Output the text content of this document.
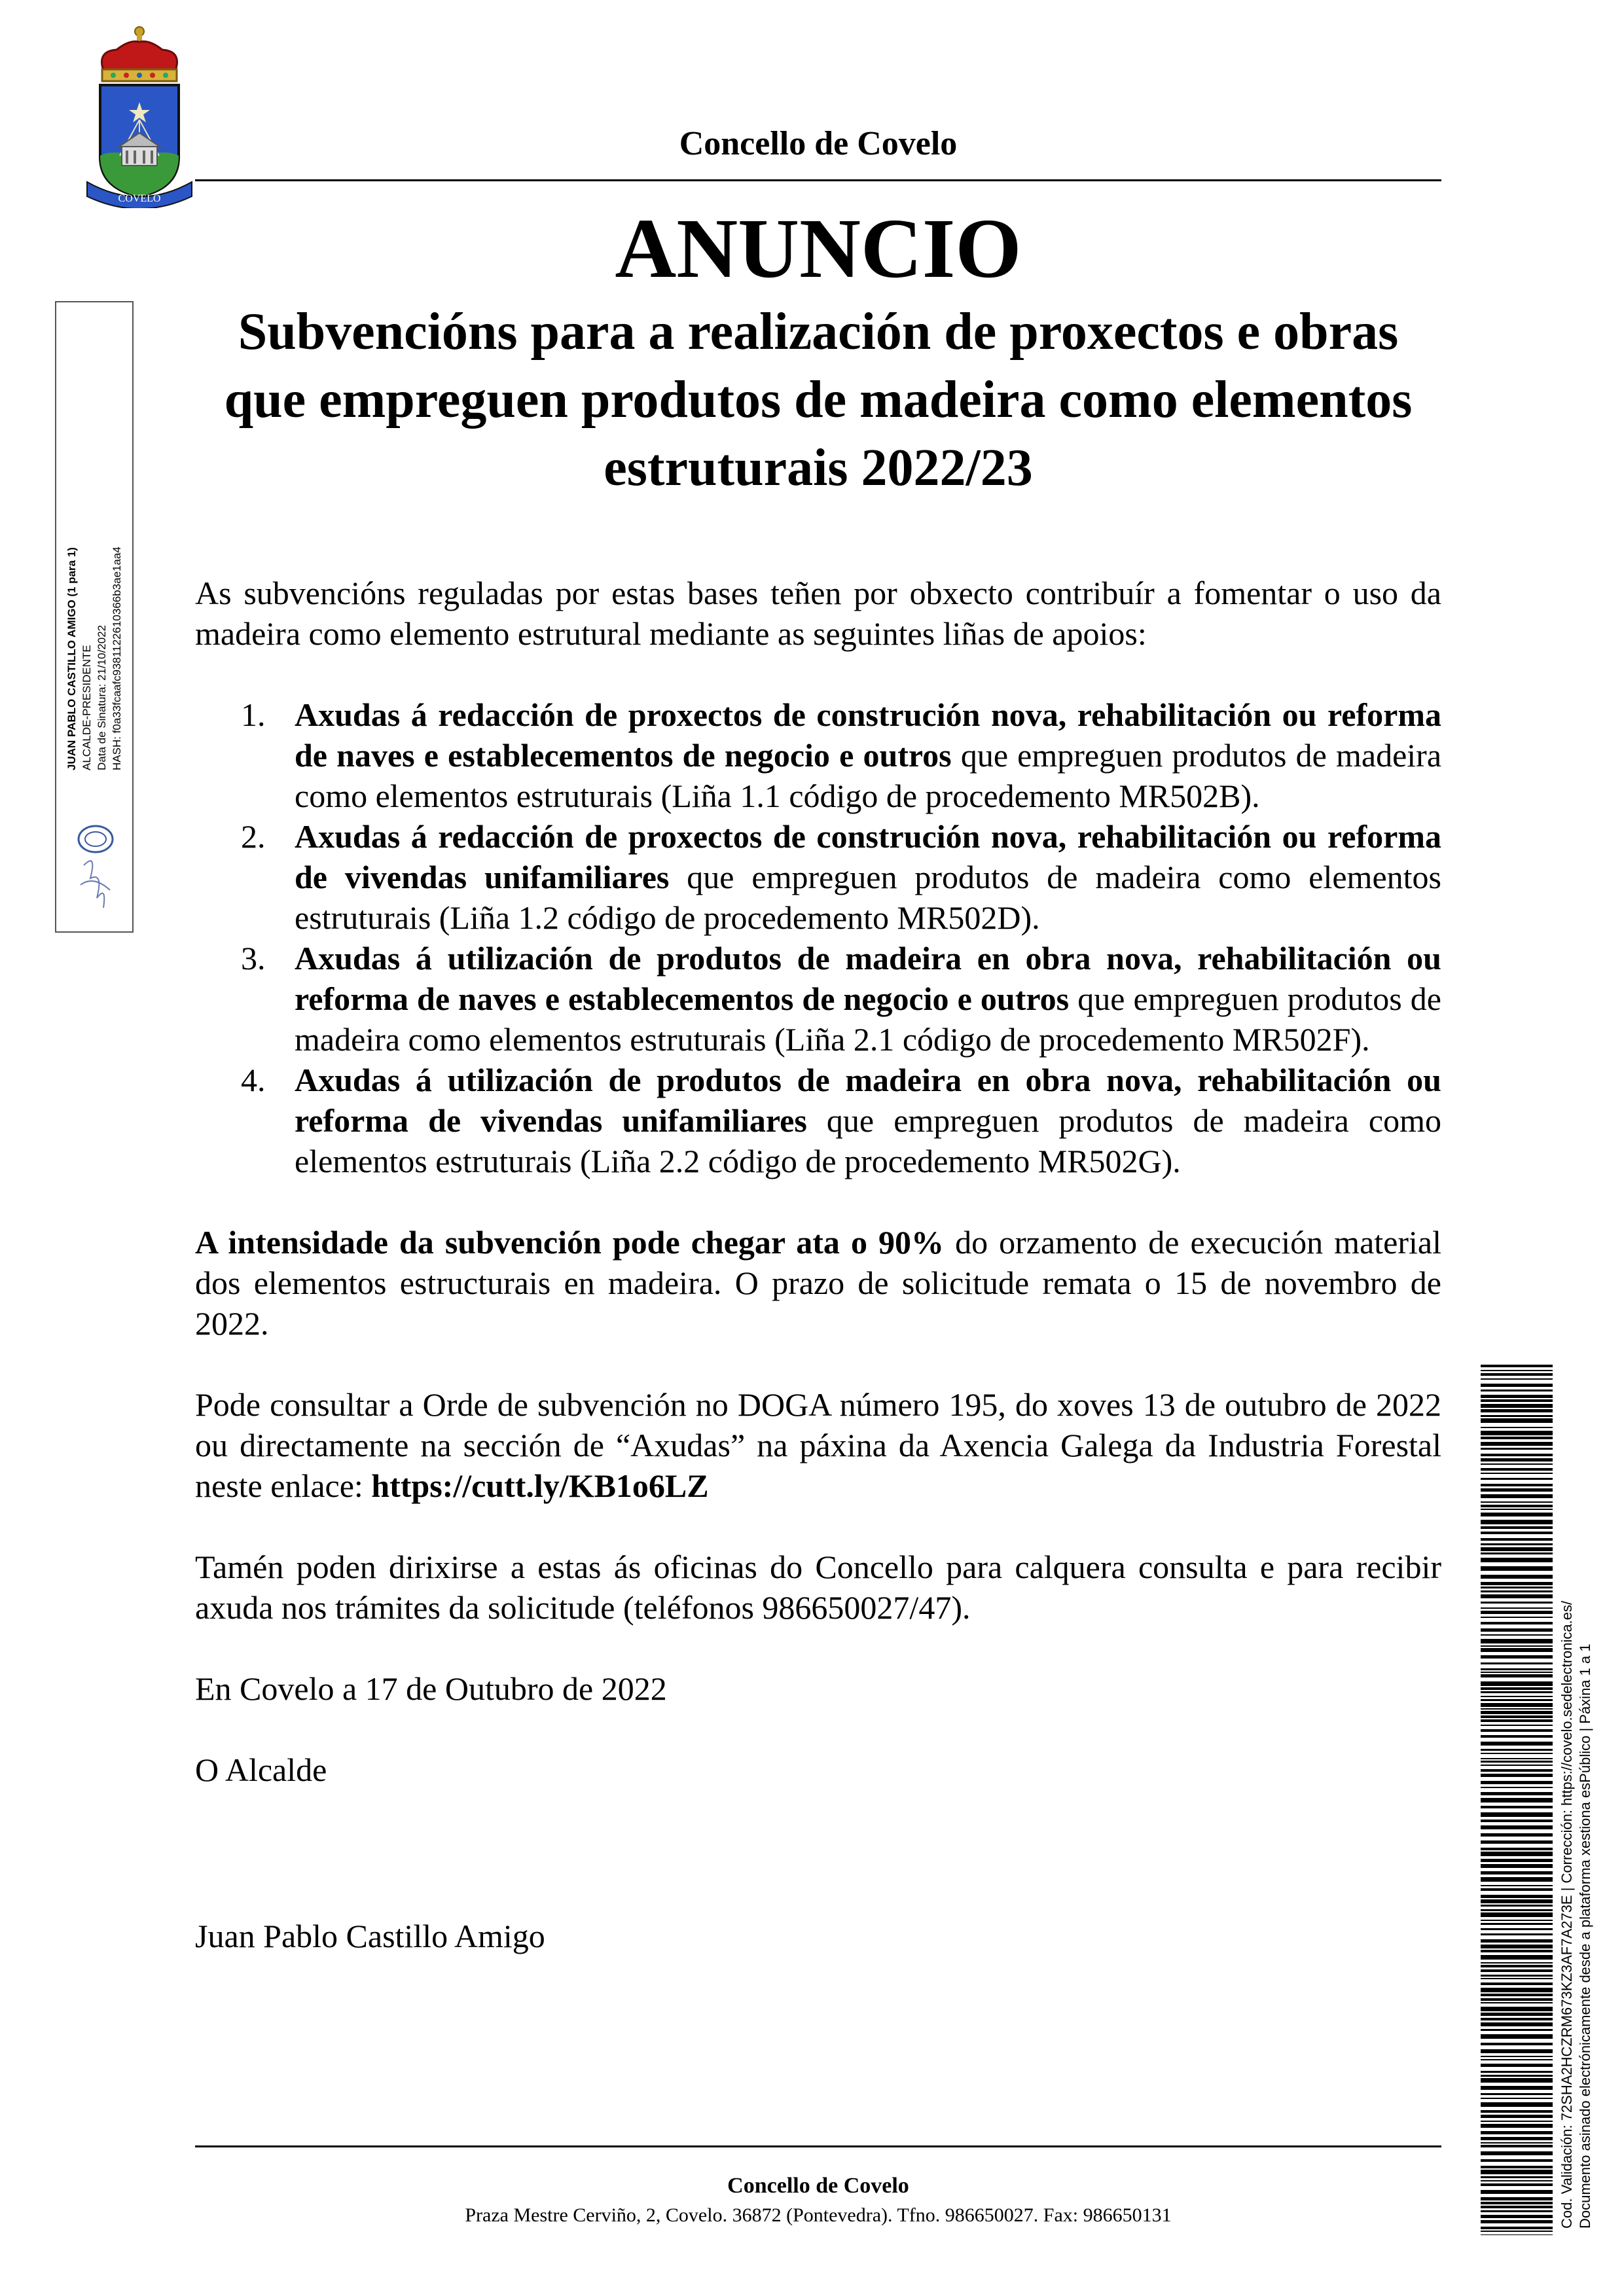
COVELO
Concello de Covelo
ANUNCIO
Subvencións para a realización de proxectos e obras que empreguen produtos de madeira como elementos estruturais 2022/23
JUAN PABLO CASTILLO AMIGO (1 para 1) ALCALDE-PRESIDENTE Data de Sinatura: 21/10/2022 HASH: f0a33fcaafc9381122610366b3ae1aa4 As subvencións reguladas por estas bases teñen por obxecto contribuír a fomentar o uso da madeira como elemento estrutural mediante as seguintes liñas de apoios:

1. Axudas á redacción de proxectos de construción nova, rehabilitación ou reforma de naves e establecementos de negocio e outros que empreguen produtos de madeira como elementos estruturais (Liña 1.1 código de procedemento MR502B).
2. Axudas á redacción de proxectos de construción nova, rehabilitación ou reforma de vivendas unifamiliares que empreguen produtos de madeira como elementos estruturais (Liña 1.2 código de procedemento MR502D).
3. Axudas á utilización de produtos de madeira en obra nova, rehabilitación ou reforma de naves e establecementos de negocio e outros que empreguen produtos de madeira como elementos estruturais (Liña 2.1 código de procedemento MR502F).
4. Axudas á utilización de produtos de madeira en obra nova, rehabilitación ou reforma de vivendas unifamiliares que empreguen produtos de madeira como elementos estruturais (Liña 2.2 código de procedemento MR502G).

A intensidade da subvención pode chegar ata o 90% do orzamento de execución material dos elementos estructurais en madeira. O prazo de solicitude remata o 15 de novembro de 2022.

Pode consultar a Orde de subvención no DOGA número 195, do xoves 13 de outubro de 2022 ou directamente na sección de “Axudas” na páxina da Axencia Galega da Industria Forestal neste enlace: https://cutt.ly/KB1o6LZ

Tamén poden dirixirse a estas ás oficinas do Concello para calquera consulta e para recibir axuda nos trámites da solicitude (teléfonos 986650027/47).

En Covelo a 17 de Outubro de 2022

O Alcalde

Juan Pablo Castillo Amigo	Cod. Validación: 72SHA2HCZRM673KZ3AF7A273E | Corrección: https://covelo.sedelectronica.es/ Documento asinado electrónicamente desde a plataforma xestiona esPúblico | Páxina 1 a 1
Concello de Covelo
Praza Mestre Cerviño, 2, Covelo. 36872 (Pontevedra). Tfno. 986650027. Fax: 986650131
